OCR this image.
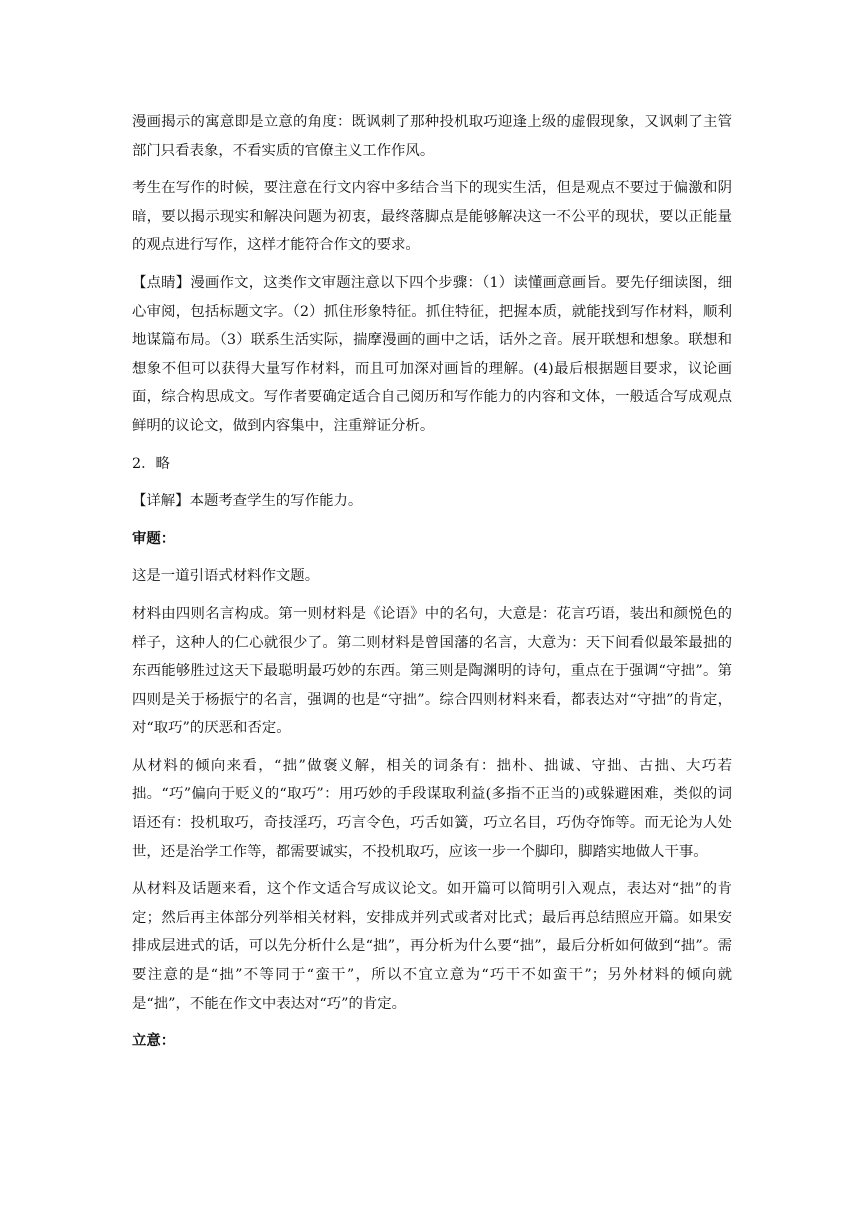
漫画揭示的寓意即是立意的角度：既讽刺了那种投机取巧迎逢上级的虚假现象，又讽刺了主管部门只看表象，不看实质的官僚主义工作作风。

考生在写作的时候，要注意在行文内容中多结合当下的现实生活，但是观点不要过于偏激和阴暗，要以揭示现实和解决问题为初衷，最终落脚点是能够解决这一不公平的现状，要以正能量的观点进行写作，这样才能符合作文的要求。

【点睛】漫画作文，这类作文审题注意以下四个步骤：（1）读懂画意画旨。要先仔细读图，细心审阅，包括标题文字。（2）抓住形象特征。抓住特征，把握本质，就能找到写作材料，顺利地谋篇布局。（3）联系生活实际，揣摩漫画的画中之话，话外之音。展开联想和想象。联想和想象不但可以获得大量写作材料，而且可加深对画旨的理解。(4)最后根据题目要求，议论画面，综合构思成文。写作者要确定适合自己阅历和写作能力的内容和文体，一般适合写成观点鲜明的议论文，做到内容集中，注重辩证分析。

2．略

【详解】本题考查学生的写作能力。

审题：

这是一道引语式材料作文题。

材料由四则名言构成。第一则材料是《论语》中的名句，大意是：花言巧语，装出和颜悦色的样子，这种人的仁心就很少了。第二则材料是曾国藩的名言，大意为：天下间看似最笨最拙的东西能够胜过这天下最聪明最巧妙的东西。第三则是陶渊明的诗句，重点在于强调“守拙”。第四则是关于杨振宁的名言，强调的也是“守拙”。综合四则材料来看，都表达对“守拙”的肯定，对“取巧”的厌恶和否定。

从材料的倾向来看，“拙”做褒义解，相关的词条有：拙朴、拙诚、守拙、古拙、大巧若拙。“巧”偏向于贬义的“取巧”：用巧妙的手段谋取利益(多指不正当的)或躲避困难，类似的词语还有：投机取巧，奇技淫巧，巧言令色，巧舌如簧，巧立名目，巧伪夺饰等。而无论为人处世，还是治学工作等，都需要诚实，不投机取巧，应该一步一个脚印，脚踏实地做人干事。

从材料及话题来看，这个作文适合写成议论文。如开篇可以简明引入观点，表达对“拙”的肯定；然后再主体部分列举相关材料，安排成并列式或者对比式；最后再总结照应开篇。如果安排成层进式的话，可以先分析什么是“拙”，再分析为什么要“拙”，最后分析如何做到“拙”。需要注意的是“拙”不等同于“蛮干”，所以不宜立意为“巧干不如蛮干”；另外材料的倾向就是“拙”，不能在作文中表达对“巧”的肯定。

立意：
